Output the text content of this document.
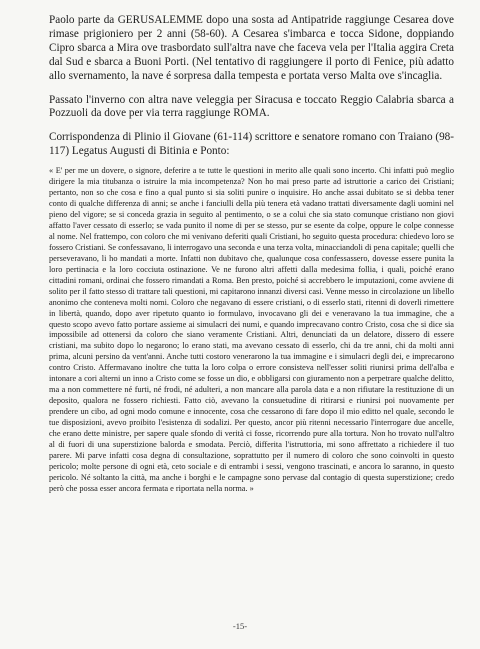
Paolo parte da GERUSALEMME dopo una sosta ad Antipatride raggiunge Cesarea dove rimase prigioniero per 2 anni (58-60). A Cesarea s'imbarca e tocca Sidone, doppiando Cipro sbarca a Mira ove trasbordato sull'altra nave che faceva vela per l'Italia aggira Creta dal Sud e sbarca a Buoni Porti. (Nel tentativo di raggiungere il porto di Fenice, più adatto allo svernamento, la nave é sorpresa dalla tempesta e portata verso Malta ove s'incaglia.

Passato l'inverno con altra nave veleggia per Siracusa e toccato Reggio Calabria sbarca a Pozzuoli da dove per via terra raggiunge ROMA.

Corrispondenza di Plinio il Giovane (61-114) scrittore e senatore romano con Traiano (98-117) Legatus Augusti di Bitinia e Ponto:

« E' per me un dovere, o signore, deferire a te tutte le questioni in merito alle quali sono incerto. Chi infatti può meglio dirigere la mia titubanza o istruire la mia incompetenza? Non ho mai preso parte ad istruttorie a carico dei Cristiani; pertanto, non so che cosa e fino a qual punto si sia soliti punire o inquisire. Ho anche assai dubitato se si debba tener conto di qualche differenza di anni; se anche i fanciulli della più tenera età vadano trattati diversamente dagli uomini nel pieno del vigore; se si conceda grazia in seguito al pentimento, o se a colui che sia stato comunque cristiano non giovi affatto l'aver cessato di esserlo; se vada punito il nome di per se stesso, pur se esente da colpe, oppure le colpe connesse al nome. Nel frattempo, con coloro che mi venivano deferiti quali Cristiani, ho seguito questa procedura: chiedevo loro se fossero Cristiani. Se confessavano, li interrogavo una seconda e una terza volta, minacciandoli di pena capitale; quelli che perseveravano, li ho mandati a morte. Infatti non dubitavo che, qualunque cosa confessassero, dovesse essere punita la loro pertinacia e la loro cocciuta ostinazione. Ve ne furono altri affetti dalla medesima follia, i quali, poiché erano cittadini romani, ordinai che fossero rimandati a Roma. Ben presto, poiché si accrebbero le imputazioni, come avviene di solito per il fatto stesso di trattare tali questioni, mi capitarono innanzi diversi casi. Venne messo in circolazione un libello anonimo che conteneva molti nomi. Coloro che negavano di essere cristiani, o di esserlo stati, ritenni di doverli rimettere in libertà, quando, dopo aver ripetuto quanto io formulavo, invocavano gli dei e veneravano la tua immagine, che a questo scopo avevo fatto portare assieme ai simulacri dei numi, e quando imprecavano contro Cristo, cosa che si dice sia impossibile ad ottenersi da coloro che siano veramente Cristiani. Altri, denunciati da un delatore, dissero di essere cristiani, ma subito dopo lo negarono; lo erano stati, ma avevano cessato di esserlo, chi da tre anni, chi da molti anni prima, alcuni persino da vent'anni. Anche tutti costoro venerarono la tua immagine e i simulacri degli dei, e imprecarono contro Cristo. Affermavano inoltre che tutta la loro colpa o errore consisteva nell'esser soliti riunirsi prima dell'alba e intonare a cori alterni un inno a Cristo come se fosse un dio, e obbligarsi con giuramento non a perpetrare qualche delitto, ma a non commettere né furti, né frodi, né adulteri, a non mancare alla parola data e a non rifiutare la restituzione di un deposito, qualora ne fossero richiesti. Fatto ciò, avevano la consuetudine di ritirarsi e riunirsi poi nuovamente per prendere un cibo, ad ogni modo comune e innocente, cosa che cessarono di fare dopo il mio editto nel quale, secondo le tue disposizioni, avevo proibito l'esistenza di sodalizi. Per questo, ancor più ritenni necessario l'interrogare due ancelle, che erano dette ministre, per sapere quale sfondo di verità ci fosse, ricorrendo pure alla tortura. Non ho trovato null'altro al di fuori di una superstizione balorda e smodata. Perciò, differita l'istruttoria, mi sono affrettato a richiedere il tuo parere. Mi parve infatti cosa degna di consultazione, soprattutto per il numero di coloro che sono coinvolti in questo pericolo; molte persone di ogni età, ceto sociale e di entrambi i sessi, vengono trascinati, e ancora lo saranno, in questo pericolo. Né soltanto la città, ma anche i borghi e le campagne sono pervase dal contagio di questa superstizione; credo però che possa esser ancora fermata e riportata nella norma. »

-15-
